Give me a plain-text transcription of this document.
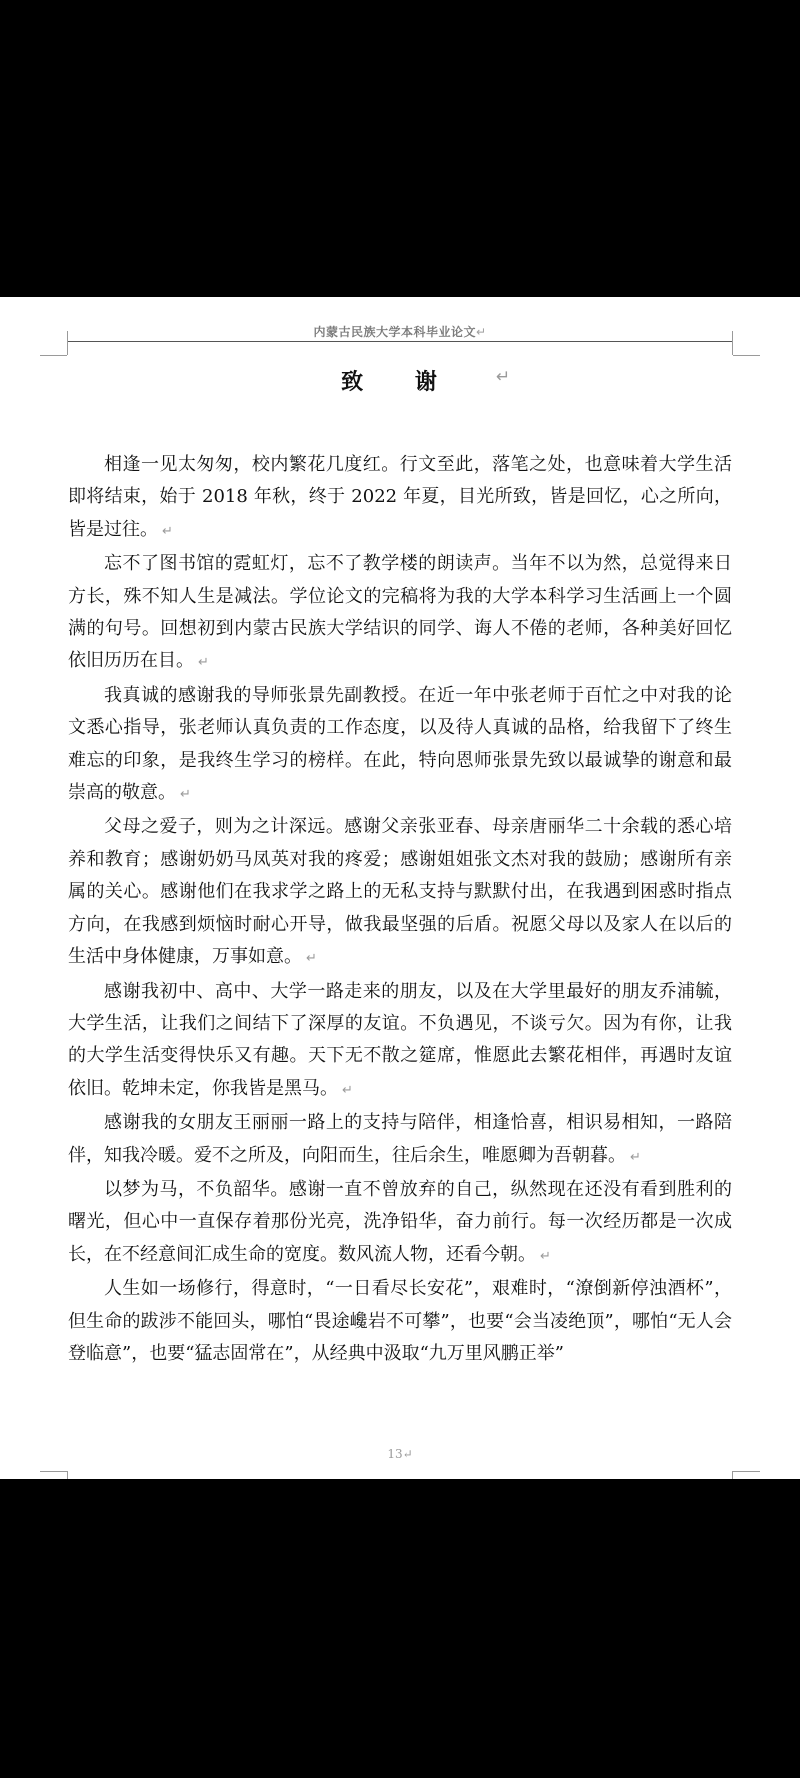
内蒙古民族大学本科毕业论文↵
致 谢	↵

相逢一见太匆匆，校内繁花几度红。行文至此，落笔之处，也意味着大学生活即将结束，始于 2018 年秋，终于 2022 年夏，目光所致，皆是回忆，心之所向，皆是过往。 ↵

忘不了图书馆的霓虹灯，忘不了教学楼的朗读声。当年不以为然，总觉得来日方长，殊不知人生是减法。学位论文的完稿将为我的大学本科学习生活画上一个圆满的句号。回想初到内蒙古民族大学结识的同学、诲人不倦的老师，各种美好回忆依旧历历在目。 ↵

我真诚的感谢我的导师张景先副教授。在近一年中张老师于百忙之中对我的论文悉心指导，张老师认真负责的工作态度，以及待人真诚的品格，给我留下了终生难忘的印象，是我终生学习的榜样。在此，特向恩师张景先致以最诚挚的谢意和最崇高的敬意。 ↵

父母之爱子，则为之计深远。感谢父亲张亚春、母亲唐丽华二十余载的悉心培养和教育；感谢奶奶马凤英对我的疼爱；感谢姐姐张文杰对我的鼓励；感谢所有亲属的关心。感谢他们在我求学之路上的无私支持与默默付出，在我遇到困惑时指点方向，在我感到烦恼时耐心开导，做我最坚强的后盾。祝愿父母以及家人在以后的生活中身体健康，万事如意。 ↵

感谢我初中、高中、大学一路走来的朋友，以及在大学里最好的朋友乔浦毓，大学生活，让我们之间结下了深厚的友谊。不负遇见，不谈亏欠。因为有你，让我的大学生活变得快乐又有趣。天下无不散之筵席，惟愿此去繁花相伴，再遇时友谊依旧。乾坤未定，你我皆是黑马。 ↵

感谢我的女朋友王丽丽一路上的支持与陪伴，相逢恰喜，相识易相知，一路陪伴，知我冷暖。爱不之所及，向阳而生，往后余生，唯愿卿为吾朝暮。 ↵

以梦为马，不负韶华。感谢一直不曾放弃的自己，纵然现在还没有看到胜利的曙光，但心中一直保存着那份光亮，洗净铅华，奋力前行。每一次经历都是一次成长，在不经意间汇成生命的宽度。数风流人物，还看今朝。 ↵

人生如一场修行，得意时，“一日看尽长安花”，艰难时，“潦倒新停浊酒杯”，但生命的跋涉不能回头，哪怕“畏途巉岩不可攀”，也要“会当凌绝顶”，哪怕“无人会登临意”，也要“猛志固常在”，从经典中汲取“九万里风鹏正举”

13↵
